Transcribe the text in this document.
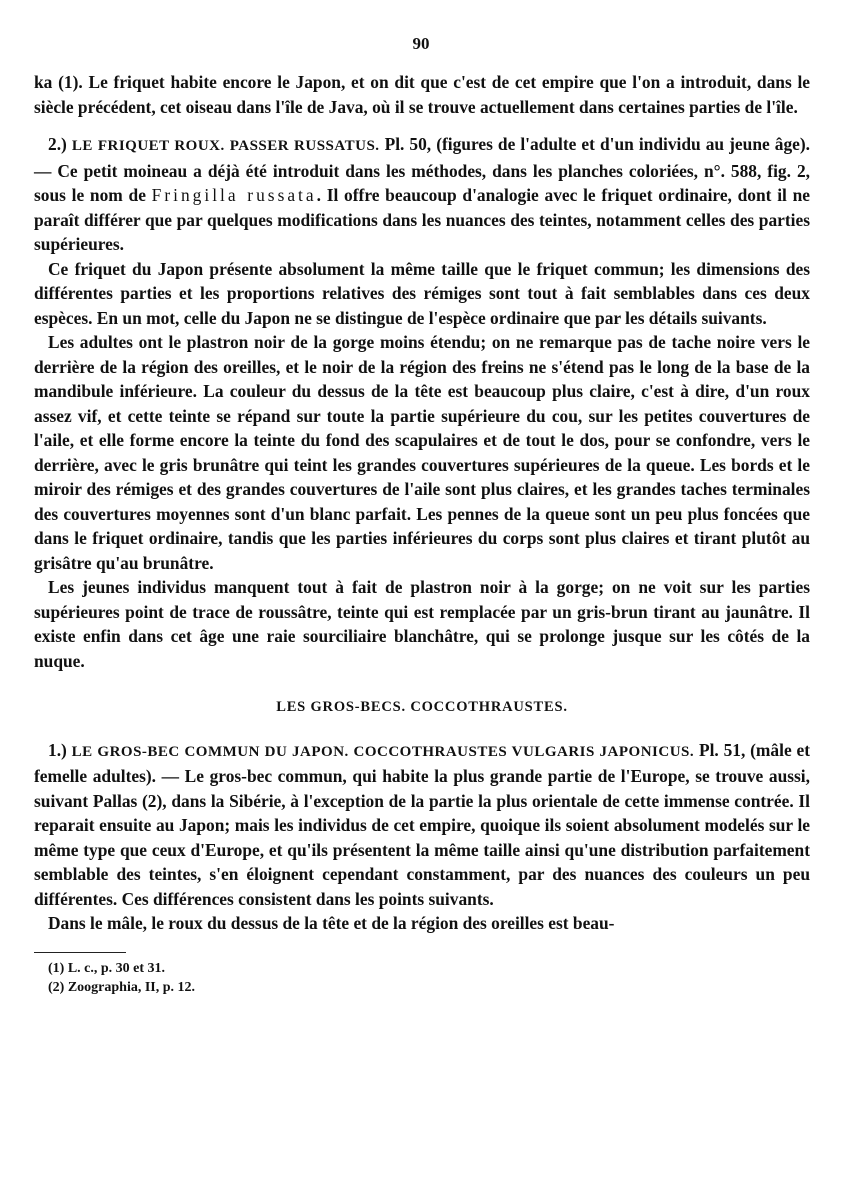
90

ka (1). Le friquet habite encore le Japon, et on dit que c'est de cet empire que l'on a introduit, dans le siècle précédent, cet oiseau dans l'île de Java, où il se trouve actuellement dans certaines parties de l'île.

2.) LE FRIQUET ROUX. PASSER RUSSATUS. Pl. 50, (figures de l'adulte et d'un individu au jeune âge). — Ce petit moineau a déjà été introduit dans les méthodes, dans les planches coloriées, n°. 588, fig. 2, sous le nom de Fringilla russata. Il offre beaucoup d'analogie avec le friquet ordinaire, dont il ne paraît différer que par quelques modifications dans les nuances des teintes, notamment celles des parties supérieures.

Ce friquet du Japon présente absolument la même taille que le friquet commun; les dimensions des différentes parties et les proportions relatives des rémiges sont tout à fait semblables dans ces deux espèces. En un mot, celle du Japon ne se distingue de l'espèce ordinaire que par les détails suivants.

Les adultes ont le plastron noir de la gorge moins étendu; on ne remarque pas de tache noire vers le derrière de la région des oreilles, et le noir de la région des freins ne s'étend pas le long de la base de la mandibule inférieure. La couleur du dessus de la tête est beaucoup plus claire, c'est à dire, d'un roux assez vif, et cette teinte se répand sur toute la partie supérieure du cou, sur les petites couvertures de l'aile, et elle forme encore la teinte du fond des scapulaires et de tout le dos, pour se confondre, vers le derrière, avec le gris brunâtre qui teint les grandes couvertures supérieures de la queue. Les bords et le miroir des rémiges et des grandes couvertures de l'aile sont plus claires, et les grandes taches terminales des couvertures moyennes sont d'un blanc parfait. Les pennes de la queue sont un peu plus foncées que dans le friquet ordinaire, tandis que les parties inférieures du corps sont plus claires et tirant plutôt au grisâtre qu'au brunâtre.

Les jeunes individus manquent tout à fait de plastron noir à la gorge; on ne voit sur les parties supérieures point de trace de roussâtre, teinte qui est remplacée par un gris-brun tirant au jaunâtre. Il existe enfin dans cet âge une raie sourciliaire blanchâtre, qui se prolonge jusque sur les côtés de la nuque.

LES GROS-BECS. COCCOTHRAUSTES.

1.) LE GROS-BEC COMMUN DU JAPON. COCCOTHRAUSTES VULGARIS JAPONICUS. Pl. 51, (mâle et femelle adultes). — Le gros-bec commun, qui habite la plus grande partie de l'Europe, se trouve aussi, suivant Pallas (2), dans la Sibérie, à l'exception de la partie la plus orientale de cette immense contrée. Il reparait ensuite au Japon; mais les individus de cet empire, quoique ils soient absolument modelés sur le même type que ceux d'Europe, et qu'ils présentent la même taille ainsi qu'une distribution parfaitement semblable des teintes, s'en éloignent cependant constamment, par des nuances des couleurs un peu différentes. Ces différences consistent dans les points suivants.

Dans le mâle, le roux du dessus de la tête et de la région des oreilles est beau-

(1) L. c., p. 30 et 31.
(2) Zoographia, II, p. 12.
